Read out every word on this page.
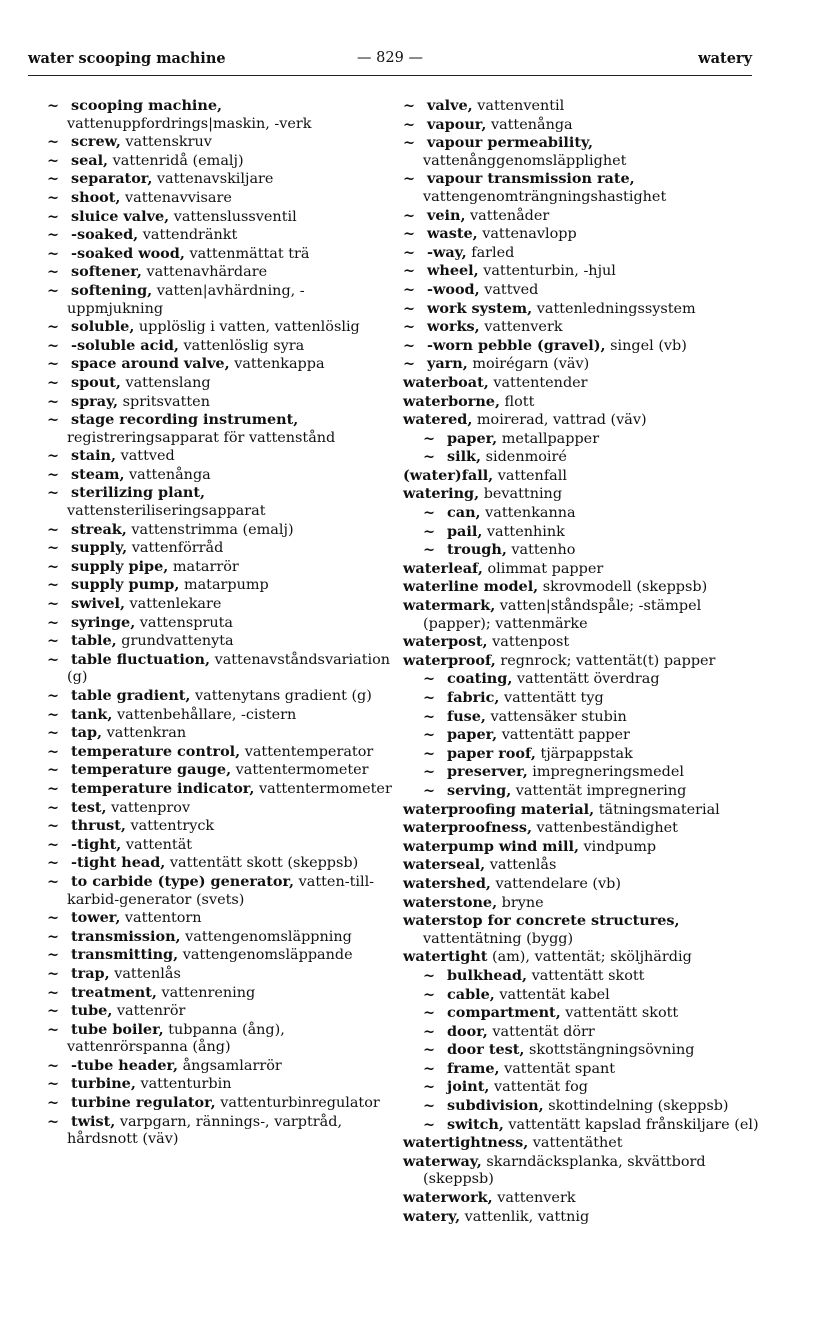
water scooping machine	— 829 —	watery
~ scooping machine, vattenuppfordrings|maskin, -verk
~ screw, vattenskruv
~ seal, vattenridå (emalj)
~ separator, vattenavskiljare
~ shoot, vattenavvisare
~ sluice valve, vattenslussventil
~ -soaked, vattendränkt
~ -soaked wood, vattenmättat trä
~ softener, vattenavhärdare
~ softening, vatten|avhärdning, -uppmjukning
~ soluble, upplöslig i vatten, vattenlöslig
~ -soluble acid, vattenlöslig syra
~ space around valve, vattenkappa
~ spout, vattenslang
~ spray, spritsvatten
~ stage recording instrument, registreringsapparat för vattenstånd
~ stain, vattved
~ steam, vattenånga
~ sterilizing plant, vattensteriliseringsapparat
~ streak, vattenstrimma (emalj)
~ supply, vattenförråd
~ supply pipe, matarrör
~ supply pump, matarpump
~ swivel, vattenlekare
~ syringe, vattenspruta
~ table, grundvattenyta
~ table fluctuation, vattenavståndsvariation (g)
~ table gradient, vattenytans gradient (g)
~ tank, vattenbehållare, -cistern
~ tap, vattenkran
~ temperature control, vattentemperator
~ temperature gauge, vattentermometer
~ temperature indicator, vattentermometer
~ test, vattenprov
~ thrust, vattentryck
~ -tight, vattentät
~ -tight head, vattentätt skott (skeppsb)
~ to carbide (type) generator, vatten-till-karbid-generator (svets)
~ tower, vattentorn
~ transmission, vattengenomsläppning
~ transmitting, vattengenomsläppande
~ trap, vattenlås
~ treatment, vattenrening
~ tube, vattenrör
~ tube boiler, tubpanna (ång), vattenrörspanna (ång)
~ -tube header, ångsamlarrör
~ turbine, vattenturbin
~ turbine regulator, vattenturbinregulator
~ twist, varpgarn, rännings-, varptråd, hårdsnott (väv)
~ valve, vattenventil
~ vapour, vattenånga
~ vapour permeability, vattenånggenomsläpplighet
~ vapour transmission rate, vattengenomträngningshastighet
~ vein, vattenåder
~ waste, vattenavlopp
~ -way, farled
~ wheel, vattenturbin, -hjul
~ -wood, vattved
~ work system, vattenledningssystem
~ works, vattenverk
~ -worn pebble (gravel), singel (vb)
~ yarn, moirégarn (väv)
waterboat, vattentender
waterborne, flott
watered, moirerad, vattrad (väv)
~ paper, metallpapper
~ silk, sidenmoiré
(water)fall, vattenfall
watering, bevattning
~ can, vattenkanna
~ pail, vattenhink
~ trough, vattenho
waterleaf, olimmat papper
waterline model, skrovmodell (skeppsb)
watermark, vatten|ståndspåle; -stämpel (papper); vattenmärke
waterpost, vattenpost
waterproof, regnrock; vattentät(t) papper
~ coating, vattentätt överdrag
~ fabric, vattentätt tyg
~ fuse, vattensäker stubin
~ paper, vattentätt papper
~ paper roof, tjärpappstak
~ preserver, impregneringsmedel
~ serving, vattentät impregnering
waterproofing material, tätningsmaterial
waterproofness, vattenbeständighet
waterpump wind mill, vindpump
waterseal, vattenlås
watershed, vattendelare (vb)
waterstone, bryne
waterstop for concrete structures, vattentätning (bygg)
watertight (am), vattentät; sköljhärdig
~ bulkhead, vattentätt skott
~ cable, vattentät kabel
~ compartment, vattentätt skott
~ door, vattentät dörr
~ door test, skottstängningsövning
~ frame, vattentät spant
~ joint, vattentät fog
~ subdivision, skottindelning (skeppsb)
~ switch, vattentätt kapslad frånskiljare (el)
watertightness, vattentäthet
waterway, skarndäcksplanka, skvättbord (skeppsb)
waterwork, vattenverk
watery, vattenlik, vattnig
